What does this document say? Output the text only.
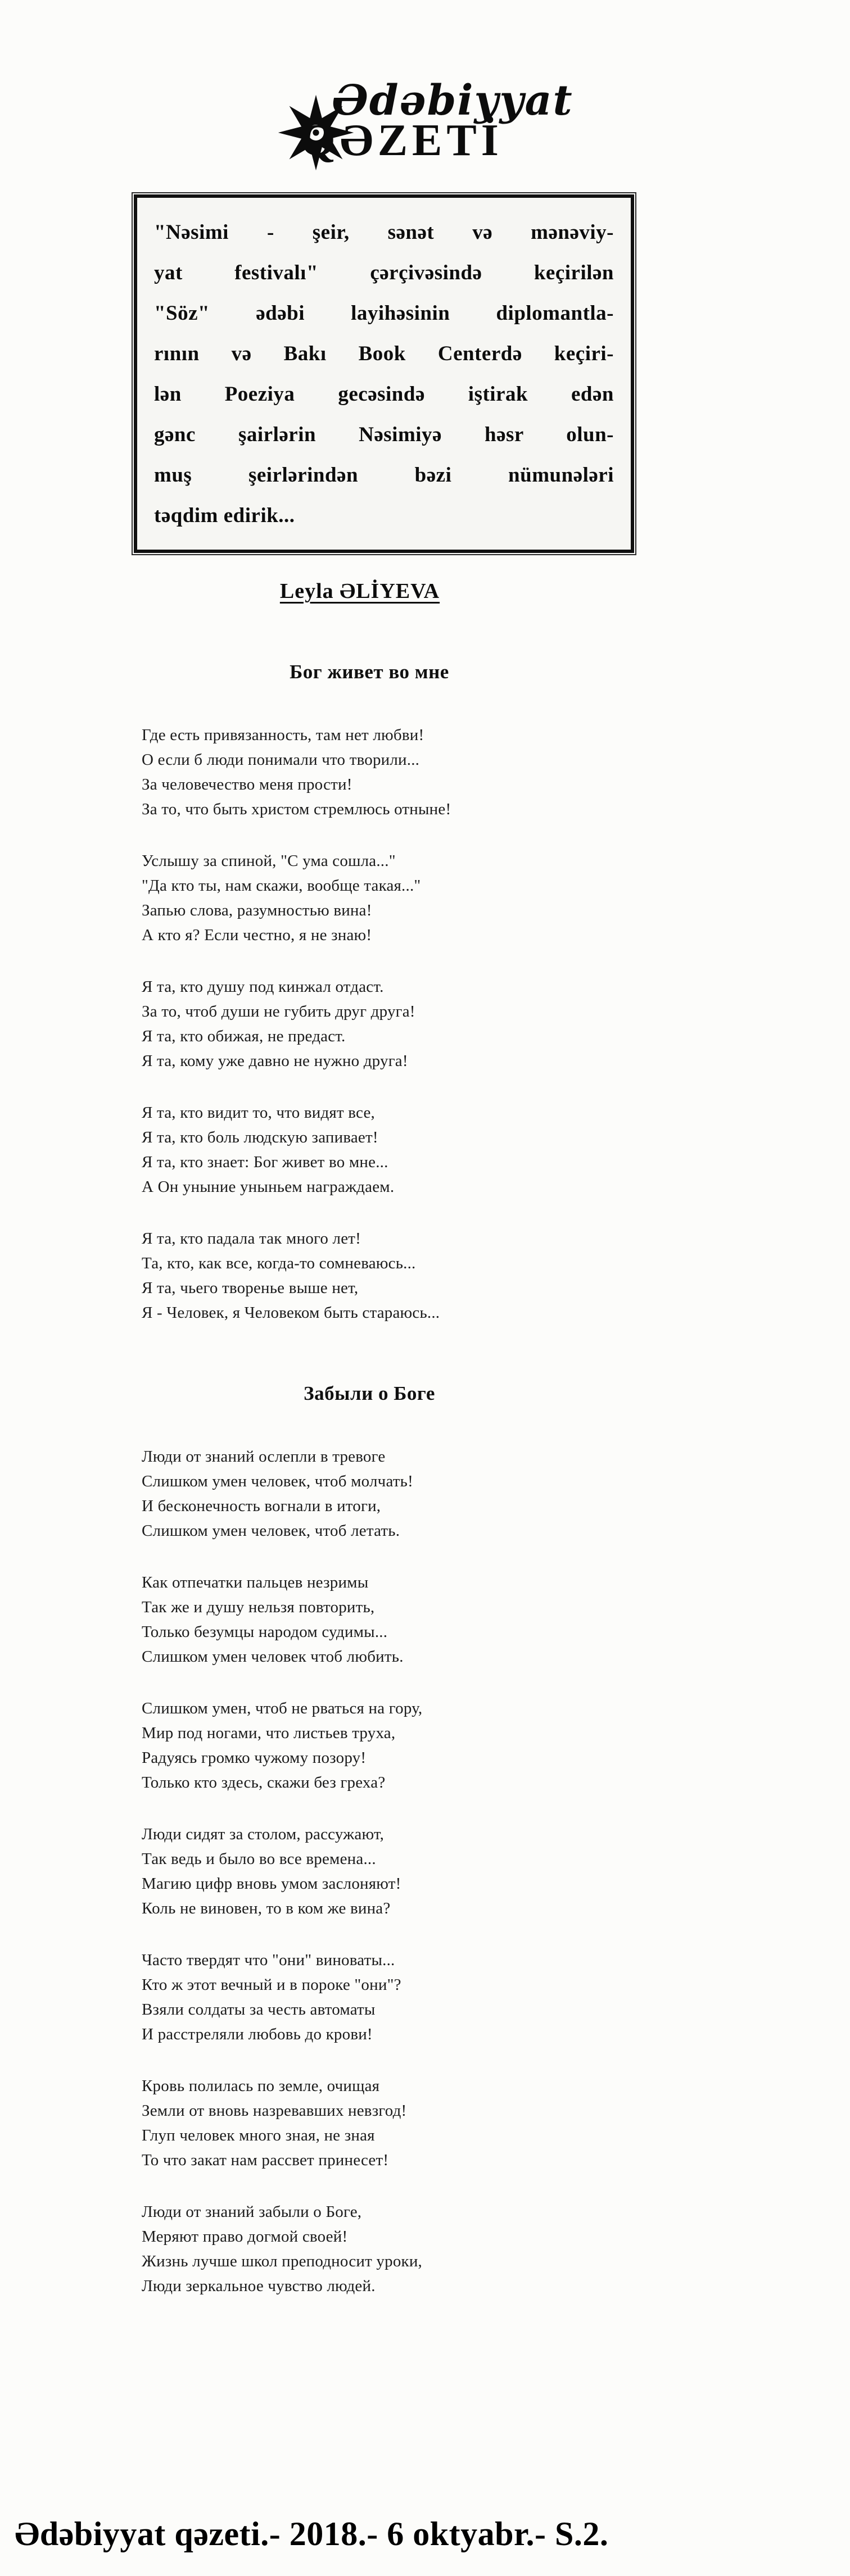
Ədəbiyyat
QƏZETİ
"Nəsimi - şeir, sənət və mənəviy-
yat festivalı" çərçivəsində keçirilən
"Söz" ədəbi layihəsinin diplomantla-
rının və Bakı Book Centerdə keçiri-
lən Poeziya gecəsində iştirak edən
gənc şairlərin Nəsimiyə həsr olun-
muş şeirlərindən bəzi nümunələri
təqdim edirik...
Leyla ƏLİYEVA
Бог живет во мне

Где есть привязанность, там нет любви!
О если б люди понимали что творили...
За человечество меня прости!
За то, что быть христом стремлюсь отныне!

Услышу за спиной, "С ума сошла..."
"Да кто ты, нам скажи, вообще такая..."
Запью слова, разумностью вина!
А кто я? Если честно, я не знаю!

Я та, кто душу под кинжал отдаст.
За то, чтоб души не губить друг друга!
Я та, кто обижая, не предаст.
Я та, кому уже давно не нужно друга!

Я та, кто видит то, что видят все,
Я та, кто боль людскую запивает!
Я та, кто знает: Бог живет во мне...
А Он уныние уныньем награждаем.

Я та, кто падала так много лет!
Та, кто, как все, когда-то сомневаюсь...
Я та, чьего творенье выше нет,
Я - Человек, я Человеком быть стараюсь...

Забыли о Боге

Люди от знаний ослепли в тревоге
Слишком умен человек, чтоб молчать!
И бесконечность вогнали в итоги,
Слишком умен человек, чтоб летать.

Как отпечатки пальцев незримы
Так же и душу нельзя повторить,
Только безумцы народом судимы...
Слишком умен человек чтоб любить.

Слишком умен, чтоб не рваться на гору,
Мир под ногами, что листьев труха,
Радуясь громко чужому позору!
Только кто здесь, скажи без греха?

Люди сидят за столом, рассужают,
Так ведь и было во все времена...
Магию цифр вновь умом заслоняют!
Коль не виновен, то в ком же вина?

Часто твердят что "они" виноваты...
Кто ж этот вечный и в пороке "они"?
Взяли солдаты за честь автоматы
И расстреляли любовь до крови!

Кровь полилась по земле, очищая
Земли от вновь назревавших невзгод!
Глуп человек много зная, не зная
То что закат нам рассвет принесет!

Люди от знаний забыли о Боге,
Меряют право догмой своей!
Жизнь лучше школ преподносит уроки,
Люди зеркальное чувство людей.

Ədəbiyyat qəzeti.- 2018.- 6 oktyabr.- S.2.
